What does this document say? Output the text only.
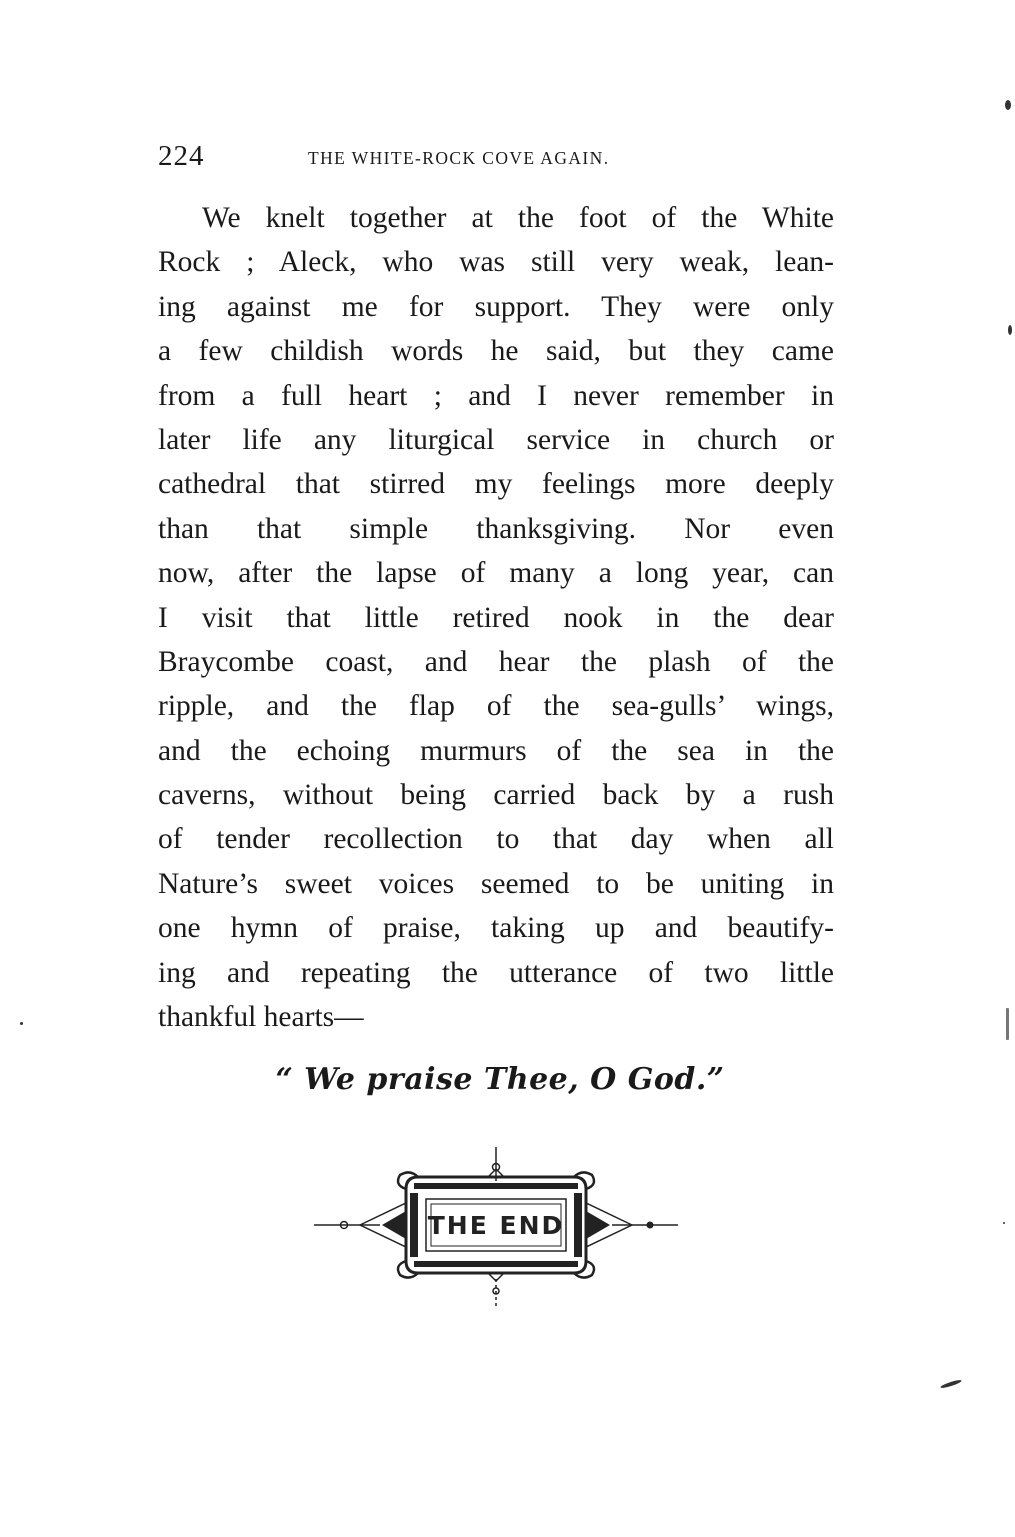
224	THE WHITE-ROCK COVE AGAIN.
We knelt together at the foot of the White
Rock ; Aleck, who was still very weak, lean-
ing against me for support. They were only
a few childish words he said, but they came
from a full heart ; and I never remember in
later life any liturgical service in church or
cathedral that stirred my feelings more deeply
than that simple thanksgiving. Nor even
now, after the lapse of many a long year, can
I visit that little retired nook in the dear
Braycombe coast, and hear the plash of the
ripple, and the flap of the sea-gulls’ wings,
and the echoing murmurs of the sea in the
caverns, without being carried back by a rush
of tender recollection to that day when all
Nature’s sweet voices seemed to be uniting in
one hymn of praise, taking up and beautify-
ing and repeating the utterance of two little
thankful hearts—
“ We praise Thee, O God.”
THE END
